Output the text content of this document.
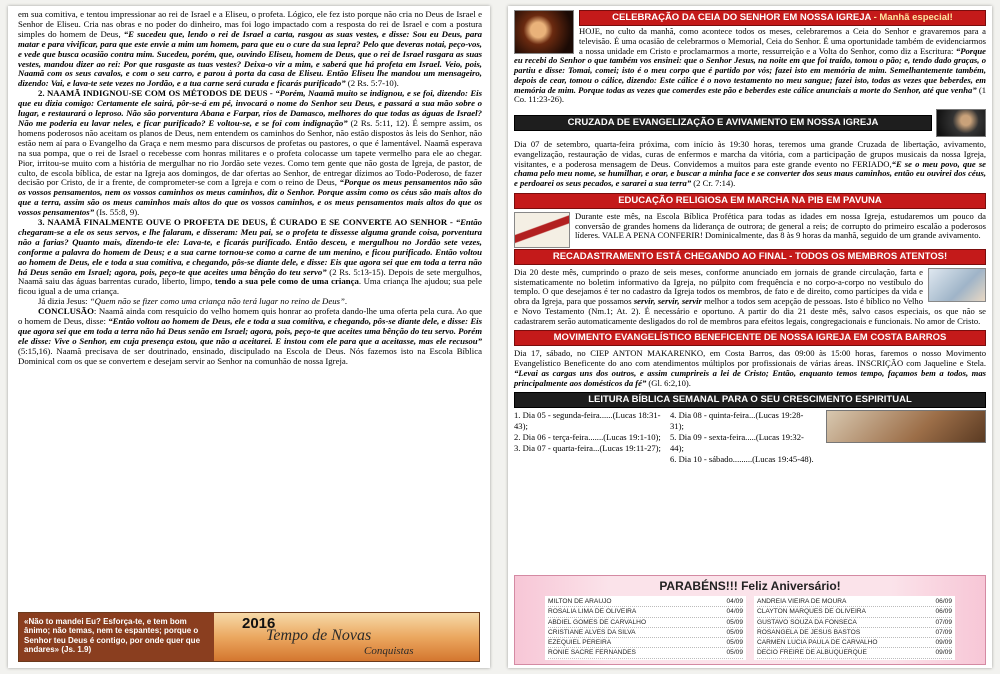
em sua comitiva, e tentou impressionar ao rei de Israel e a Eliseu, o profeta. Lógico, ele fez isto porque não cria no Deus de Israel e Senhor de Eliseu. Cria nas obras e no poder do dinheiro, mas foi logo impactado com a resposta do rei de Israel e com a postura simples do homem de Deus, “E sucedeu que, lendo o rei de Israel a carta, rasgou as suas vestes, e disse: Sou eu Deus, para matar e para vivificar, para que este envie a mim um homem, para que eu o cure da sua lepra? Pelo que deveras notai, peço-vos, e vede que busca ocasião contra mim. Sucedeu, porém, que, ouvindo Eliseu, homem de Deus, que o rei de Israel rasgara as suas vestes, mandou dizer ao rei: Por que rasgaste as tuas vestes? Deixa-o vir a mim, e saberá que há profeta em Israel. Veio, pois, Naamã com os seus cavalos, e com o seu carro, e parou à porta da casa de Eliseu. Então Eliseu lhe mandou um mensageiro, dizendo: Vai, e lava-te sete vezes no Jordão, e a tua carne será curada e ficarás purificado” (2 Rs. 5:7-10).

2. NAAMÃ INDIGNOU-SE COM OS MÉTODOS DE DEUS - “Porém, Naamã muito se indignou, e se foi, dizendo: Eis que eu dizia comigo: Certamente ele sairá, pôr-se-á em pé, invocará o nome do Senhor seu Deus, e passará a sua mão sobre o lugar, e restaurará o leproso. Não são porventura Abana e Farpar, rios de Damasco, melhores do que todas as águas de Israel? Não me poderia eu lavar neles, e ficar purificado? E voltou-se, e se foi com indignação” (2 Rs. 5:11, 12). É sempre assim, os homens poderosos não aceitam os planos de Deus, nem entendem os caminhos do Senhor, não estão dispostos às leis do Senhor, não estão nem aí para o Evangelho da Graça e nem mesmo para discursos de profetas ou pastores, o que é lamentável. Naamã esperava na sua pompa, que o rei de Israel o recebesse com honras militares e o profeta colocasse um tapete vermelho para ele ao chegar. Pior, irritou-se muito com a história de mergulhar no rio Jordão sete vezes. Como tem gente que não gosta de Igreja, de pastor, de culto, de escola bíblica, de estar na Igreja aos domingos, de dar ofertas ao Senhor, de entregar dízimos ao Todo-Poderoso, de fazer decisão por Cristo, de ir a frente, de comprometer-se com a Igreja e com o reino de Deus, “Porque os meus pensamentos não são os vossos pensamentos, nem os vossos caminhos os meus caminhos, diz o Senhor. Porque assim como os céus são mais altos do que a terra, assim são os meus caminhos mais altos do que os vossos caminhos, e os meus pensamentos mais altos do que os vossos pensamentos” (Is. 55:8, 9).

3. NAAMÃ FINALMENTE OUVE O PROFETA DE DEUS, É CURADO E SE CONVERTE AO SENHOR - “Então chegaram-se a ele os seus servos, e lhe falaram, e disseram: Meu pai, se o profeta te dissesse alguma grande coisa, porventura não a farias? Quanto mais, dizendo-te ele: Lava-te, e ficarás purificado. Então desceu, e mergulhou no Jordão sete vezes, conforme a palavra do homem de Deus; e a sua carne tornou-se como a carne de um menino, e ficou purificado. Então voltou ao homem de Deus, ele e toda a sua comitiva, e chegando, pôs-se diante dele, e disse: Eis que agora sei que em toda a terra não há Deus senão em Israel; agora, pois, peço-te que aceites uma bênção do teu servo” (2 Rs. 5:13-15). Depois de sete mergulhos, Naamã saiu das águas barrentas curado, liberto, limpo, tendo a sua pele como de uma criança. Uma criança lhe ajudou; sua pele ficou igual a de uma criança.

Já dizia Jesus: “Quem não se fizer como uma criança não terá lugar no reino de Deus”.

CONCLUSÃO: Naamã ainda com resquício do velho homem quis honrar ao profeta dando-lhe uma oferta pela cura. Ao que o homem de Deus, disse: “Então voltou ao homem de Deus, ele e toda a sua comitiva, e chegando, pôs-se diante dele, e disse: Eis que agora sei que em toda a terra não há Deus senão em Israel; agora, pois, peço-te que aceites uma bênção do teu servo. Porém ele disse: Vive o Senhor, em cuja presença estou, que não a aceitarei. E instou com ele para que a aceitasse, mas ele recusou” (5:15,16). Naamã precisava de ser doutrinado, ensinado, discipulado na Escola de Deus. Nós fazemos isto na Escola Bíblica Dominical com os que se convertem e desejam servir ao Senhor na comunhão de nossa Igreja.

«Não to mandei Eu? Esforça-te, e tem bom ânimo; não temas, nem te espantes; porque o Senhor teu Deus é contigo, por onde quer que andares» (Js. 1.9)
2016
Tempo de Novas
Conquistas
CELEBRAÇÃO DA CEIA DO SENHOR EM NOSSA IGREJA - Manhã especial!

HOJE, no culto da manhã, como acontece todos os meses, celebraremos a Ceia do Senhor e gravaremos para a televisão. É uma ocasião de celebrarmos o Memorial, Ceia do Senhor. É uma oportunidade também de evidenciarmos a nossa unidade em Cristo e proclamarmos a morte, ressurreição e a Volta do Senhor, como diz a Escritura: “Porque eu recebi do Senhor o que também vos ensinei: que o Senhor Jesus, na noite em que foi traído, tomou o pão; e, tendo dado graças, o partiu e disse: Tomai, comei; isto é o meu corpo que é partido por vós; fazei isto em memória de mim. Semelhantemente também, depois de cear, tomou o cálice, dizendo: Este cálice é o novo testamento no meu sangue; fazei isto, todas as vezes que beberdes, em memória de mim. Porque todas as vezes que comerdes este pão e beberdes este cálice anunciais a morte do Senhor, até que venha” (1 Co. 11:23-26).

CRUZADA DE EVANGELIZAÇÃO E AVIVAMENTO EM NOSSA IGREJA

Dia 07 de setembro, quarta-feira próxima, com início às 19:30 horas, teremos uma grande Cruzada de libertação, avivamento, evangelização, restauração de vidas, curas de enfermos e marcha da vitória, com a participação de grupos musicais da nossa Igreja, visitantes, e a poderosa mensagem de Deus. Convidemos a muitos para este grande evento no FERIADO,“E se o meu povo, que se chama pelo meu nome, se humilhar, e orar, e buscar a minha face e se converter dos seus maus caminhos, então eu ouvirei dos céus, e perdoarei os seus pecados, e sararei a sua terra” (2 Cr. 7:14).

EDUCAÇÃO RELIGIOSA EM MARCHA NA PIB EM PAVUNA

Durante este mês, na Escola Bíblica Profética para todas as idades em nossa Igreja, estudaremos um pouco da conversão de grandes homens da liderança de outrora; de general a reis; de corrupto do primeiro escalão a poderosos líderes. VALE A PENA CONFERIR! Dominicalmente, das 8 às 9 horas da manhã, seguido de um grande avivamento.

RECADASTRAMENTO ESTÁ CHEGANDO AO FINAL - TODOS OS MEMBROS ATENTOS!

Dia 20 deste mês, cumprindo o prazo de seis meses, conforme anunciado em jornais de grande circulação, farta e sistematicamente no boletim informativo da Igreja, no púlpito com frequência e no corpo-a-corpo no vestíbulo do templo. O que desejamos é ter no cadastro da Igreja todos os membros, de fato e de direito, como partícipes da vida e obra da Igreja, para que possamos servir, servir, servir melhor a todos sem acepção de pessoas. Isto é bíblico no Velho e Novo Testamento (Nm.1; At. 2). É necessário e oportuno. A partir do dia 21 deste mês, salvo casos especiais, os que não se cadastrarem serão automaticamente desligados do rol de membros para efeitos legais, congregacionais e funcionais. No amor de Cristo.

MOVIMENTO EVANGELÍSTICO BENEFICENTE DE NOSSA IGREJA EM COSTA BARROS

Dia 17, sábado, no CIEP ANTON MAKARENKO, em Costa Barros, das 09:00 às 15:00 horas, faremos o nosso Movimento Evangelístico Beneficente do ano com atendimentos múltiplos por profissionais de várias áreas. INSCRIÇÃO com Jaqueline e Stela. “Levai as cargas uns dos outros, e assim cumprireis a lei de Cristo; Então, enquanto temos tempo, façamos bem a todos, mas principalmente aos domésticos da fé” (Gl. 6:2,10).

LEITURA BÍBLICA SEMANAL PARA O SEU CRESCIMENTO ESPIRITUAL
1. Dia 05 - segunda-feira......(Lucas 18:31-43);
2. Dia 06 - terça-feira.......(Lucas 19:1-10);
3. Dia 07 - quarta-feira...(Lucas 19:11-27);
4. Dia 08 - quinta-feira...(Lucas 19:28-31);
5. Dia 09 - sexta-feira.....(Lucas 19:32-44);
6. Dia 10 - sábado.........(Lucas 19:45-48).
PARABÉNS!!! Feliz Aniversário!
MILTON DE ARAUJO	04/09
ROSALIA LIMA DE OLIVEIRA	04/09
ABDIEL GOMES DE CARVALHO	05/09
CRISTIANE ALVES DA SILVA	05/09
EZEQUIEL PEREIRA	05/09
RONIE SACRE FERNANDES	05/09
ANDREIA VIEIRA DE MOURA	06/09
CLAYTON MARQUES DE OLIVEIRA	06/09
GUSTAVO SOUZA DA FONSECA	07/09
ROSANGELA DE JESUS BASTOS	07/09
CARMEN LUCIA PAULA DE CARVALHO	09/09
DECIO FREIRE DE ALBUQUERQUE	09/09
